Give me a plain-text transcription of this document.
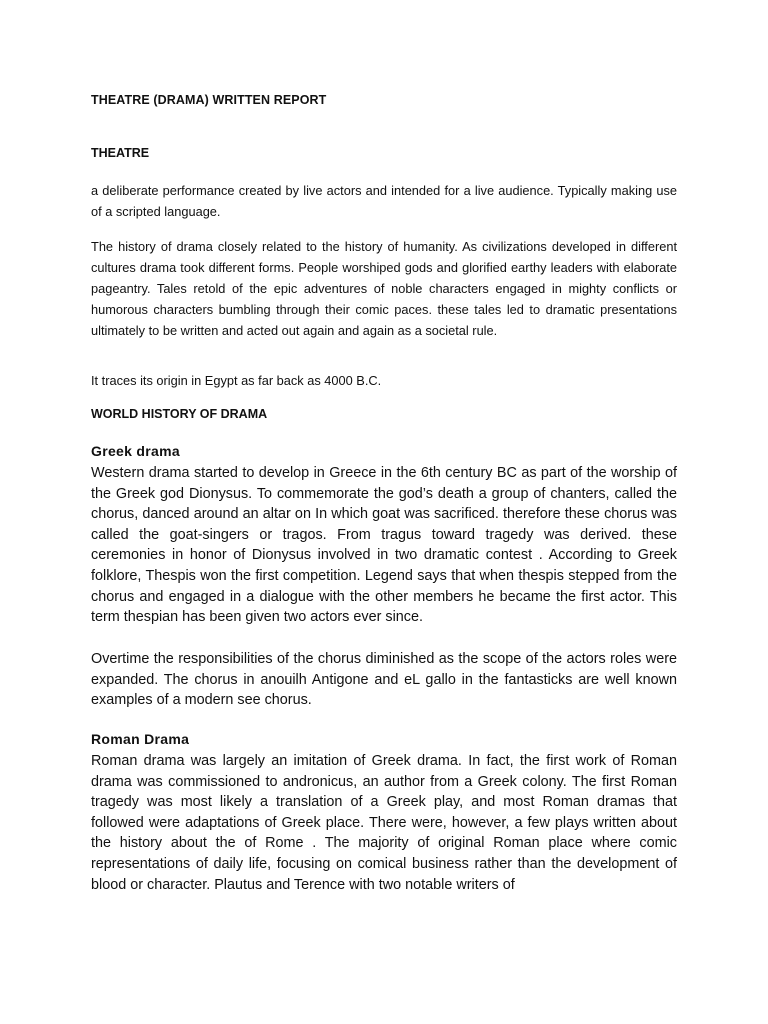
THEATRE (DRAMA) WRITTEN REPORT
THEATRE

a deliberate performance created by live actors and intended for a live audience. Typically making use of a scripted language.

The history of drama closely related to the history of humanity. As civilizations developed in different cultures drama took different forms. People worshiped gods and glorified earthy leaders with elaborate pageantry. Tales retold of the epic adventures of noble characters engaged in mighty conflicts or humorous characters bumbling through their comic paces. these tales led to dramatic presentations ultimately to be written and acted out again and again as a societal rule.

It traces its origin in Egypt as far back as 4000 B.C.

WORLD HISTORY OF DRAMA
Greek drama

Western drama started to develop in Greece in the 6th century BC as part of the worship of the Greek god Dionysus. To commemorate the god’s death a group of chanters, called the chorus, danced around an altar on In which goat was sacrificed. therefore these chorus was called the goat-singers or tragos. From tragus toward tragedy was derived. these ceremonies in honor of Dionysus involved in two dramatic contest . According to Greek folklore, Thespis won the first competition. Legend says that when thespis stepped from the chorus and engaged in a dialogue with the other members he became the first actor. This term thespian has been given two actors ever since.

Overtime the responsibilities of the chorus diminished as the scope of the actors roles were expanded. The chorus in anouilh Antigone and eL gallo in the fantasticks are well known examples of a modern see chorus.

Roman Drama

Roman drama was largely an imitation of Greek drama. In fact, the first work of Roman drama was commissioned to andronicus, an author from a Greek colony. The first Roman tragedy was most likely a translation of a Greek play, and most Roman dramas that followed were adaptations of Greek place. There were, however, a few plays written about the history about the of Rome . The majority of original Roman place where comic representations of daily life, focusing on comical business rather than the development of blood or character. Plautus and Terence with two notable writers of
